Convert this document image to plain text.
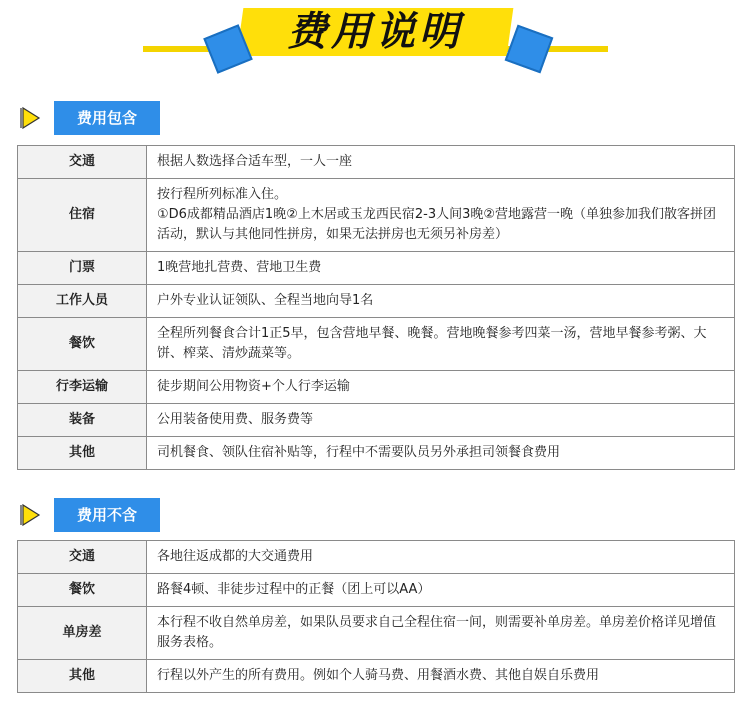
费用说明
费用包含
交通	根据人数选择合适车型，一人一座

住宿	按行程所列标准入住。
①D6成都精品酒店1晚②上木居或玉龙西民宿2-3人间3晚②营地露营一晚（单独参加我们散客拼团活动，默认与其他同性拼房，如果无法拼房也无须另补房差）

门票	1晚营地扎营费、营地卫生费

工作人员	户外专业认证领队、全程当地向导1名

餐饮	全程所列餐食合计1正5早，包含营地早餐、晚餐。营地晚餐参考四菜一汤，营地早餐参考粥、大饼、榨菜、清炒蔬菜等。

行李运输	徒步期间公用物资+个人行李运输

装备	公用装备使用费、服务费等

其他	司机餐食、领队住宿补贴等，行程中不需要队员另外承担司领餐食费用
费用不含
交通	各地往返成都的大交通费用

餐饮	路餐4顿、非徒步过程中的正餐（团上可以AA）

单房差	本行程不收自然单房差，如果队员要求自己全程住宿一间，则需要补单房差。单房差价格详见增值服务表格。

其他	行程以外产生的所有费用。例如个人骑马费、用餐酒水费、其他自娱自乐费用
